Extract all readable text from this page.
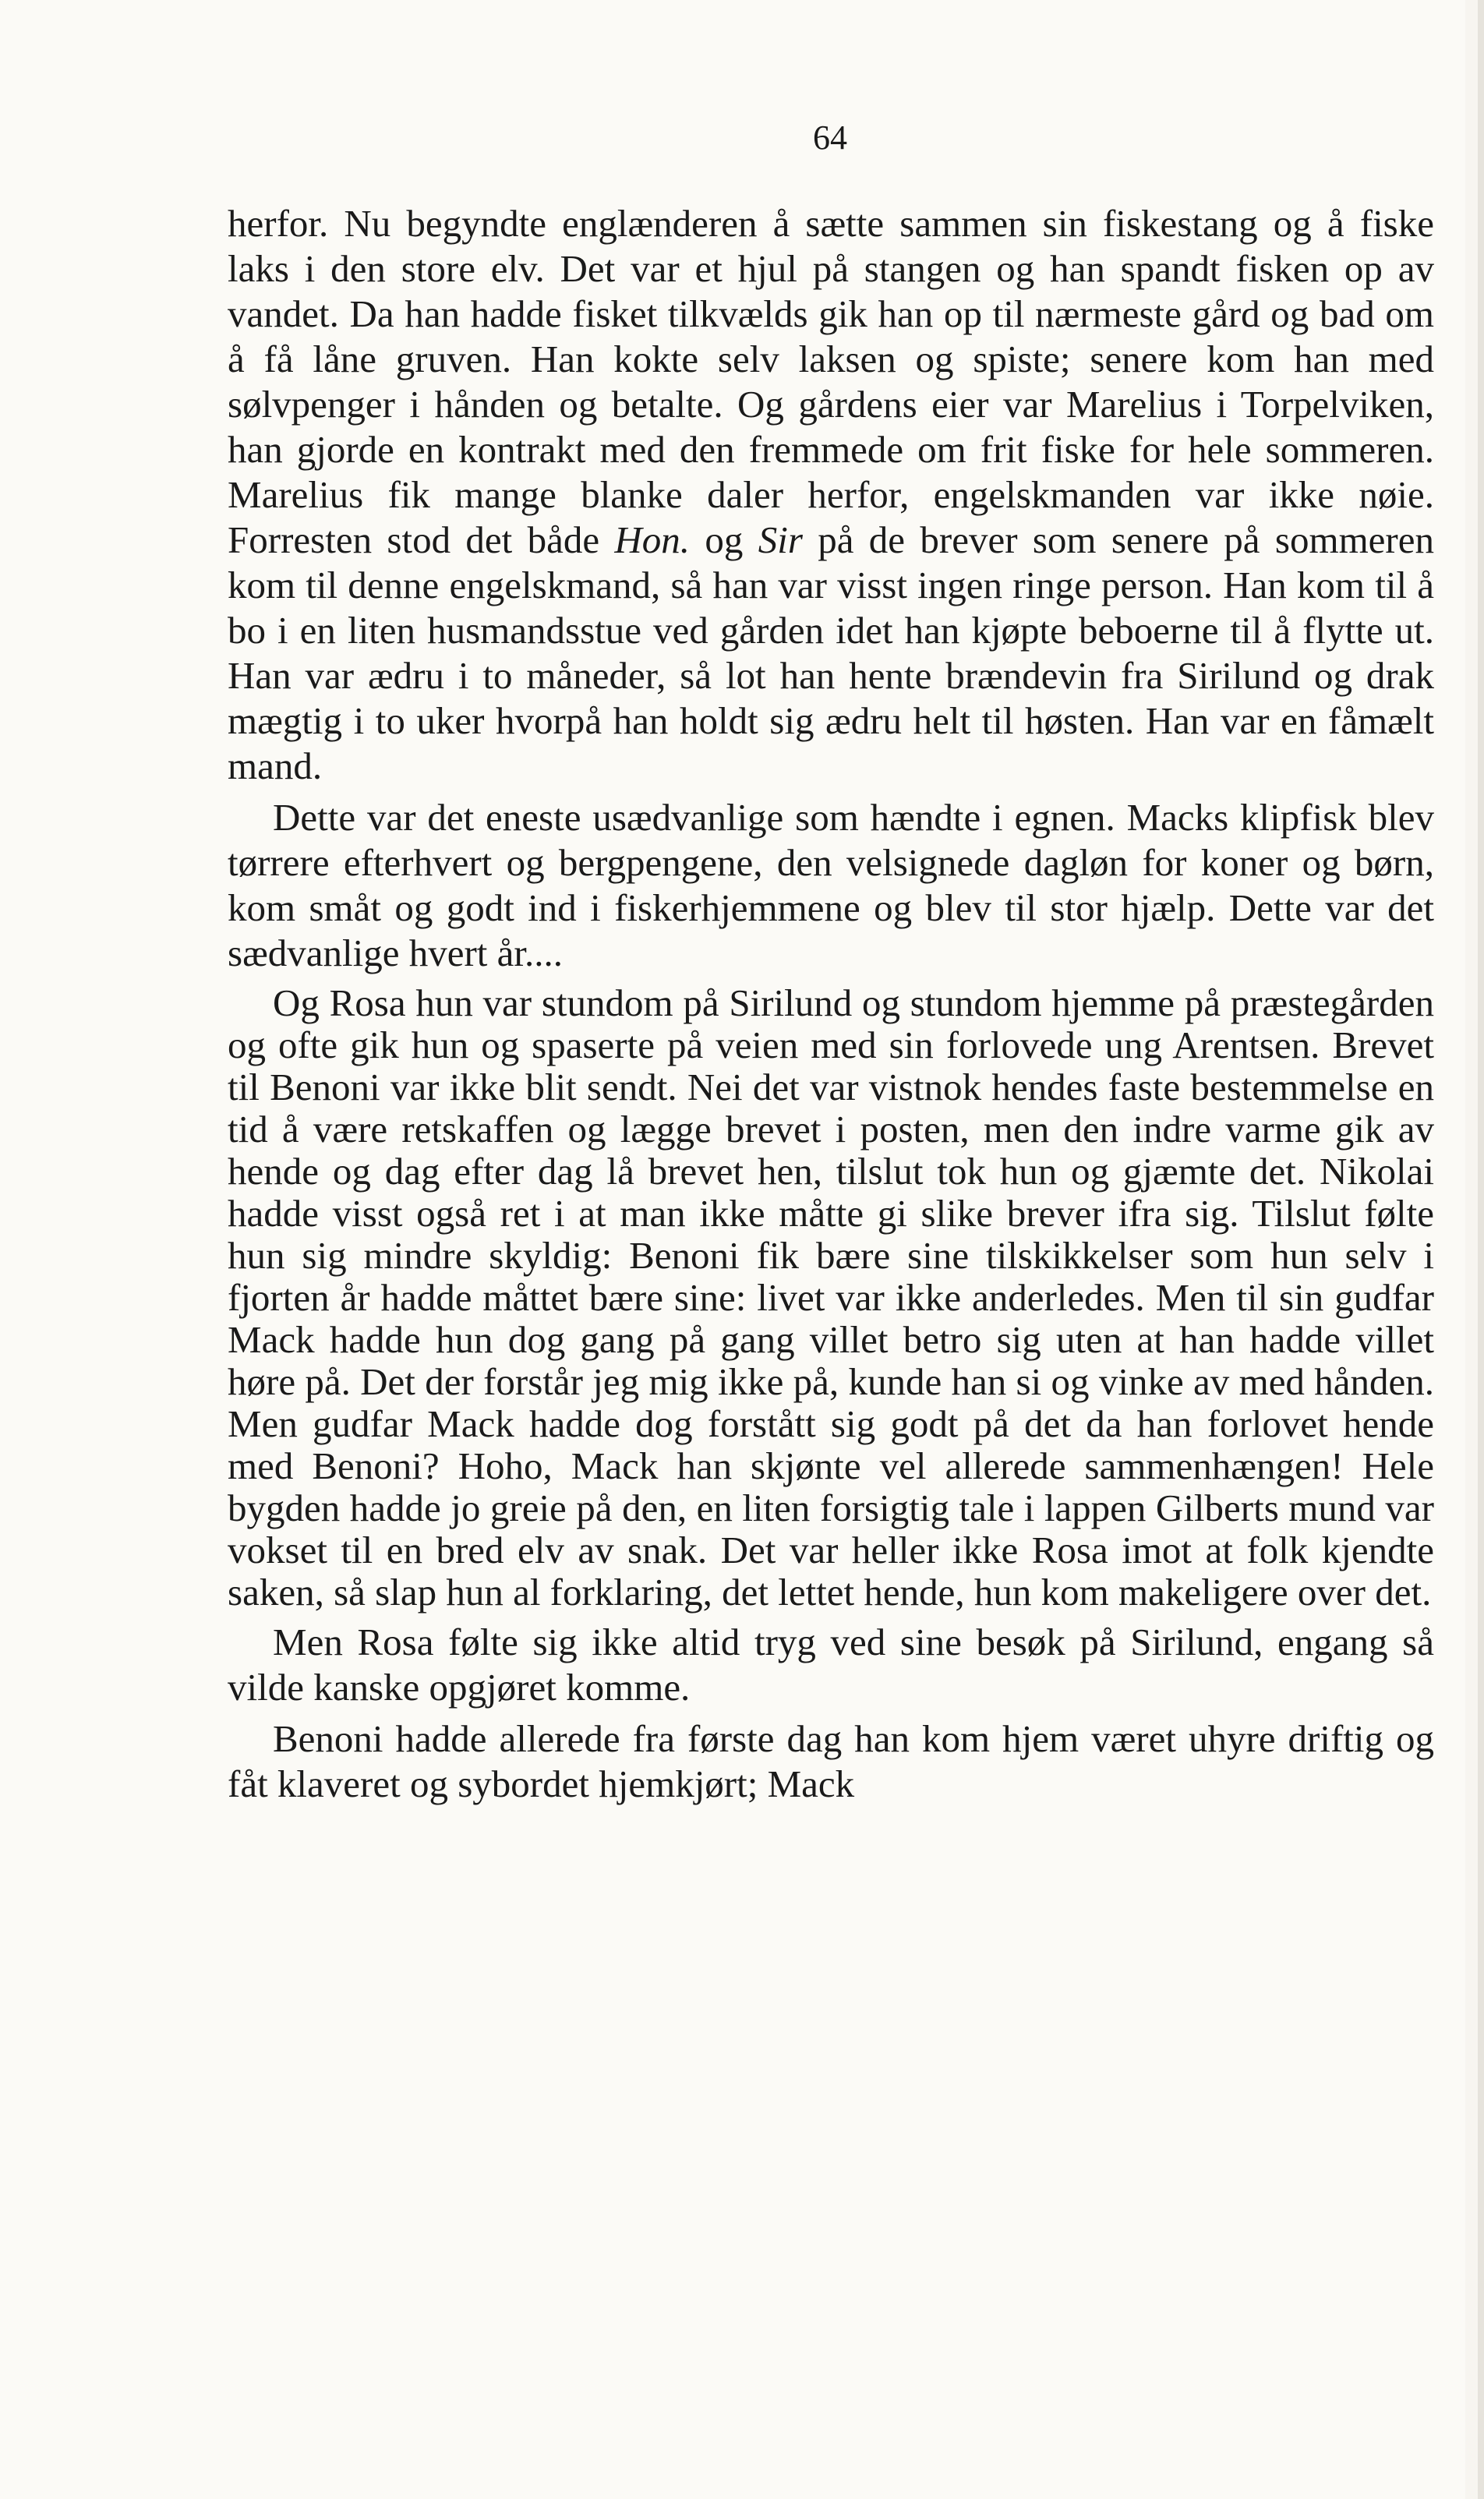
64

herfor. Nu begyndte englænderen å sætte sammen sin fiskestang og å fiske laks i den store elv. Det var et hjul på stangen og han spandt fisken op av vandet. Da han hadde fisket tilkvælds gik han op til nærmeste gård og bad om å få låne gruven. Han kokte selv laksen og spiste; senere kom han med sølvpenger i hånden og betalte. Og gårdens eier var Marelius i Torpelviken, han gjorde en kontrakt med den fremmede om frit fiske for hele sommeren. Marelius fik mange blanke daler herfor, engelskmanden var ikke nøie. Forresten stod det både Hon. og Sir på de brever som senere på sommeren kom til denne engelskmand, så han var visst ingen ringe person. Han kom til å bo i en liten husmandsstue ved gården idet han kjøpte beboerne til å flytte ut. Han var ædru i to måneder, så lot han hente brændevin fra Sirilund og drak mægtig i to uker hvorpå han holdt sig ædru helt til høsten. Han var en fåmælt mand.

Dette var det eneste usædvanlige som hændte i egnen. Macks klipfisk blev tørrere efterhvert og bergpengene, den velsignede dagløn for koner og børn, kom småt og godt ind i fiskerhjemmene og blev til stor hjælp. Dette var det sædvanlige hvert år....

Og Rosa hun var stundom på Sirilund og stundom hjemme på præstegården og ofte gik hun og spaserte på veien med sin forlovede ung Arentsen. Brevet til Benoni var ikke blit sendt. Nei det var vistnok hendes faste bestemmelse en tid å være retskaffen og lægge brevet i posten, men den indre varme gik av hende og dag efter dag lå brevet hen, tilslut tok hun og gjæmte det. Nikolai hadde visst også ret i at man ikke måtte gi slike brever ifra sig. Tilslut følte hun sig mindre skyldig: Benoni fik bære sine tilskikkelser som hun selv i fjorten år hadde måttet bære sine: livet var ikke anderledes. Men til sin gudfar Mack hadde hun dog gang på gang villet betro sig uten at han hadde villet høre på. Det der forstår jeg mig ikke på, kunde han si og vinke av med hånden. Men gudfar Mack hadde dog forstått sig godt på det da han forlovet hende med Benoni? Hoho, Mack han skjønte vel allerede sammenhængen! Hele bygden hadde jo greie på den, en liten forsigtig tale i lappen Gilberts mund var vokset til en bred elv av snak. Det var heller ikke Rosa imot at folk kjendte saken, så slap hun al forklaring, det lettet hende, hun kom makeligere over det.

Men Rosa følte sig ikke altid tryg ved sine besøk på Sirilund, engang så vilde kanske opgjøret komme.

Benoni hadde allerede fra første dag han kom hjem været uhyre driftig og fåt klaveret og sybordet hjemkjørt; Mack
